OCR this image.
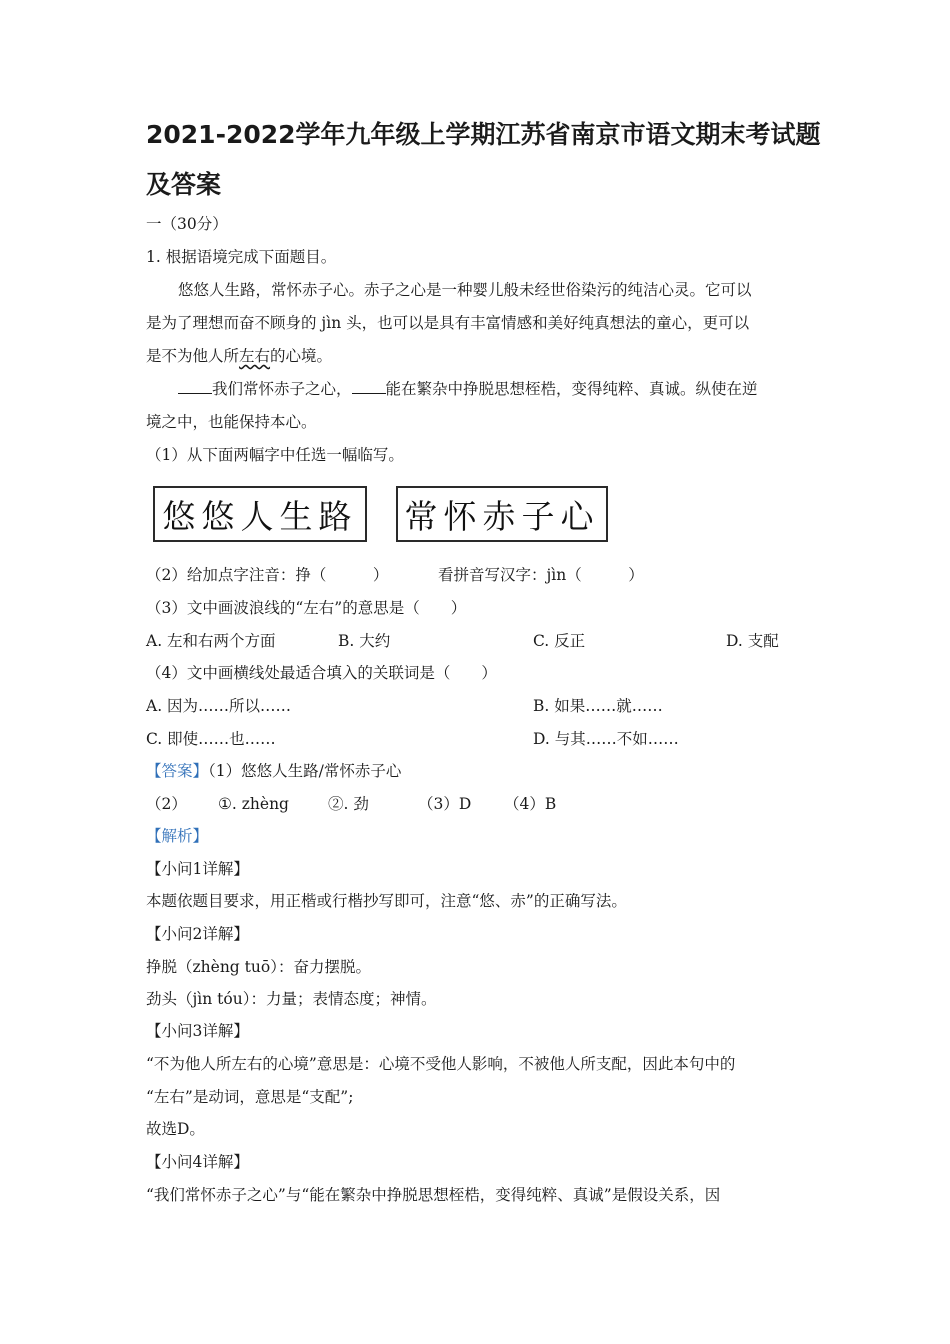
2021-2022学年九年级上学期江苏省南京市语文期末考试题
及答案
一（30分）
1. 根据语境完成下面题目。
悠悠人生路，常怀赤子心。赤子之心是一种婴儿般未经世俗染污的纯洁心灵。它可以
是为了理想而奋不顾身的 jìn 头，也可以是具有丰富情感和美好纯真想法的童心，更可以
是不为他人所左右的心境。
我们常怀赤子之心， 能在繁杂中挣脱思想桎梏，变得纯粹、真诚。纵使在逆
境之中，也能保持本心。
（1）从下面两幅字中任选一幅临写。
悠悠人生路 常怀赤子心
（2）给加点字注音：挣（　　　）	看拼音写汉字：jìn（　　　）
（3）文中画波浪线的“左右”的意思是（　　）
A. 左和右两个方面	B. 大约	C. 反正	D. 支配
（4）文中画横线处最适合填入的关联词是（　　）
A. 因为……所以……	B. 如果……就……
C. 即使……也……	D. 与其……不如……
【答案】（1）悠悠人生路/常怀赤子心
（2） ①. zhèng	②. 劲	（3）D （4）B
【解析】
【小问1详解】
本题依题目要求，用正楷或行楷抄写即可，注意“悠、赤”的正确写法。
【小问2详解】
挣脱（zhèng tuō）：奋力摆脱。
劲头（jìn tóu）：力量；表情态度；神情。
【小问3详解】
“不为他人所左右的心境”意思是：心境不受他人影响，不被他人所支配，因此本句中的
“左右”是动词，意思是“支配”;
故选D。
【小问4详解】
“我们常怀赤子之心”与“能在繁杂中挣脱思想桎梏，变得纯粹、真诚”是假设关系，因
